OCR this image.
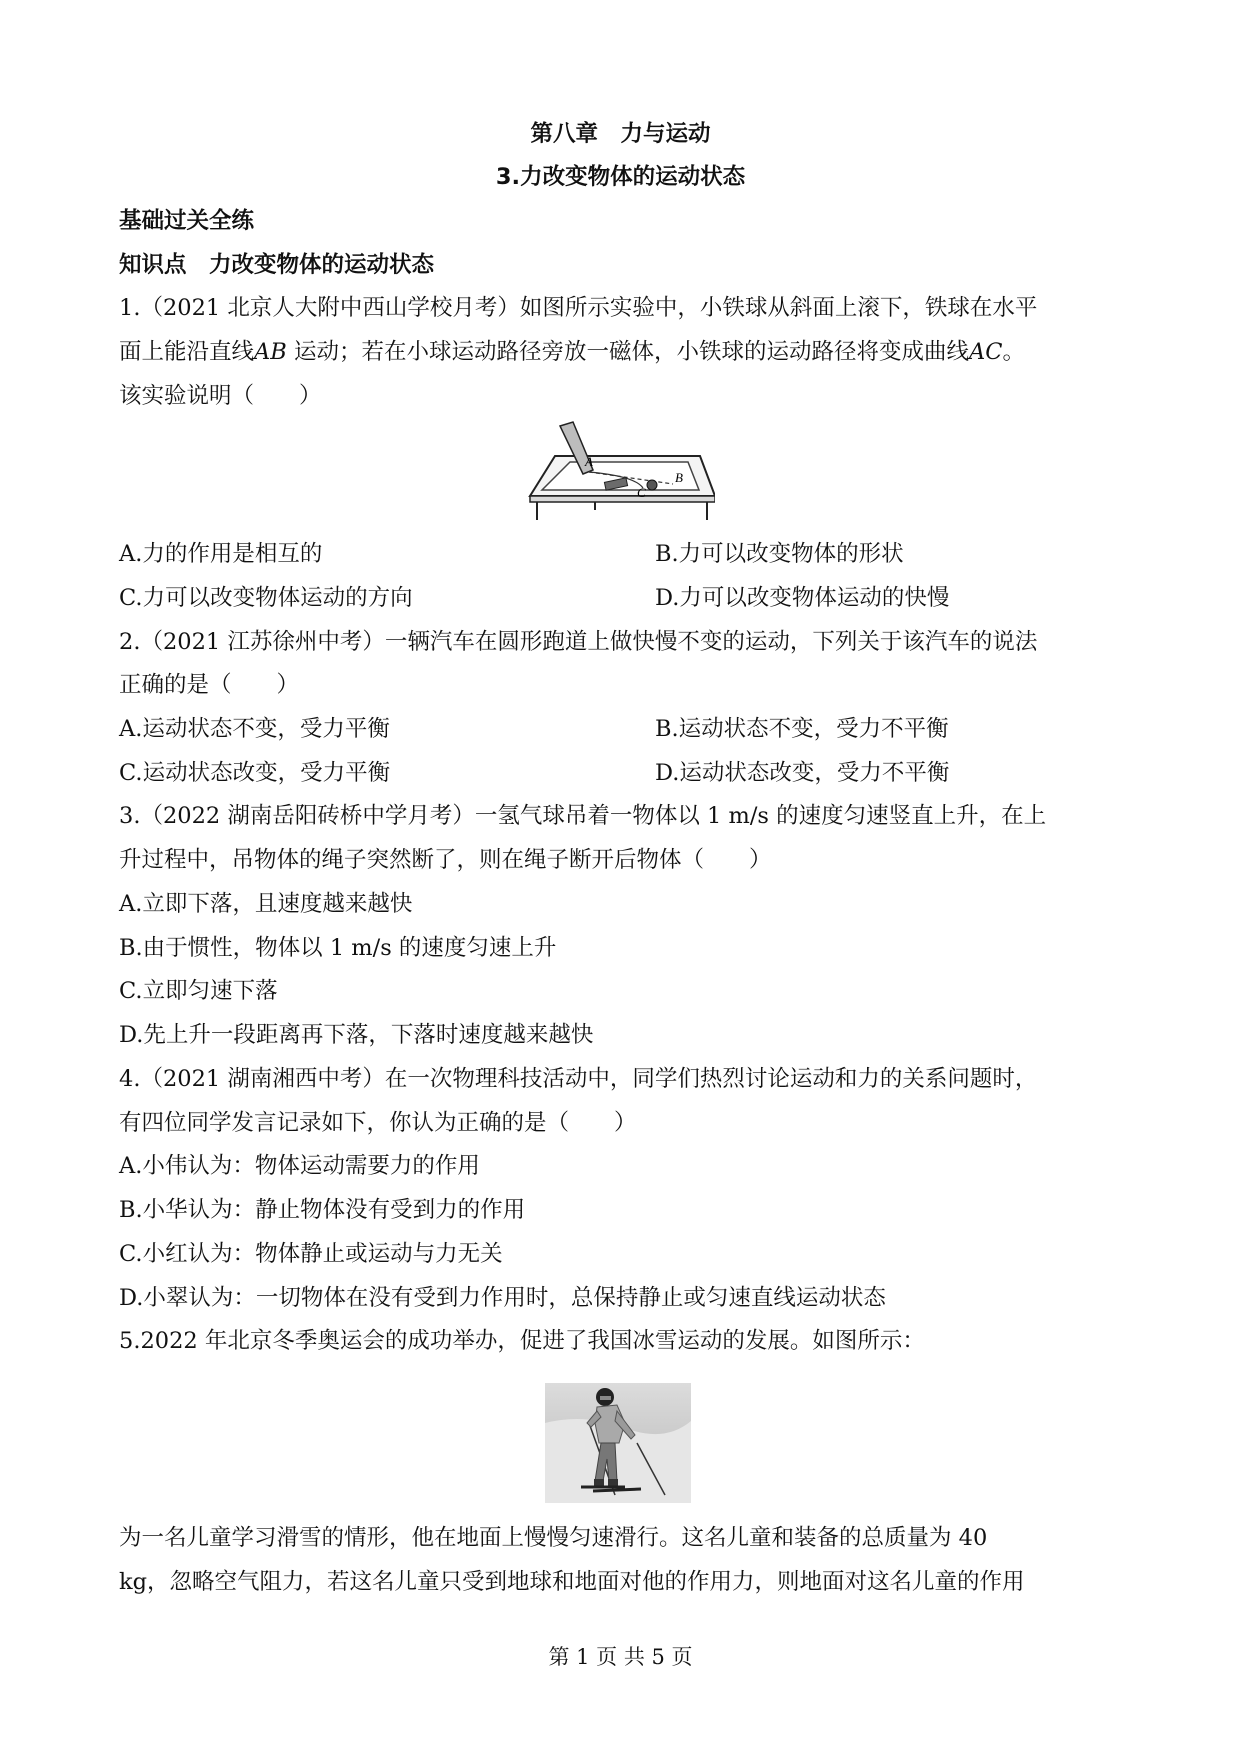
第八章　力与运动
3.力改变物体的运动状态
基础过关全练
知识点　力改变物体的运动状态
1.（2021 北京人大附中西山学校月考）如图所示实验中，小铁球从斜面上滚下，铁球在水平
面上能沿直线AB 运动；若在小球运动路径旁放一磁体，小铁球的运动路径将变成曲线AC。
该实验说明（　　）
A
B
C
A.力的作用是相互的	B.力可以改变物体的形状
C.力可以改变物体运动的方向	D.力可以改变物体运动的快慢
2.（2021 江苏徐州中考）一辆汽车在圆形跑道上做快慢不变的运动，下列关于该汽车的说法
正确的是（　　）
A.运动状态不变，受力平衡	B.运动状态不变，受力不平衡
C.运动状态改变，受力平衡	D.运动状态改变，受力不平衡
3.（2022 湖南岳阳砖桥中学月考）一氢气球吊着一物体以 1 m/s 的速度匀速竖直上升，在上
升过程中，吊物体的绳子突然断了，则在绳子断开后物体（　　）
A.立即下落，且速度越来越快
B.由于惯性，物体以 1 m/s 的速度匀速上升
C.立即匀速下落
D.先上升一段距离再下落，下落时速度越来越快
4.（2021 湖南湘西中考）在一次物理科技活动中，同学们热烈讨论运动和力的关系问题时，
有四位同学发言记录如下，你认为正确的是（　　）
A.小伟认为：物体运动需要力的作用
B.小华认为：静止物体没有受到力的作用
C.小红认为：物体静止或运动与力无关
D.小翠认为：一切物体在没有受到力作用时，总保持静止或匀速直线运动状态
5.2022 年北京冬季奥运会的成功举办，促进了我国冰雪运动的发展。如图所示：
为一名儿童学习滑雪的情形，他在地面上慢慢匀速滑行。这名儿童和装备的总质量为 40
kg，忽略空气阻力，若这名儿童只受到地球和地面对他的作用力，则地面对这名儿童的作用
第 1 页 共 5 页
